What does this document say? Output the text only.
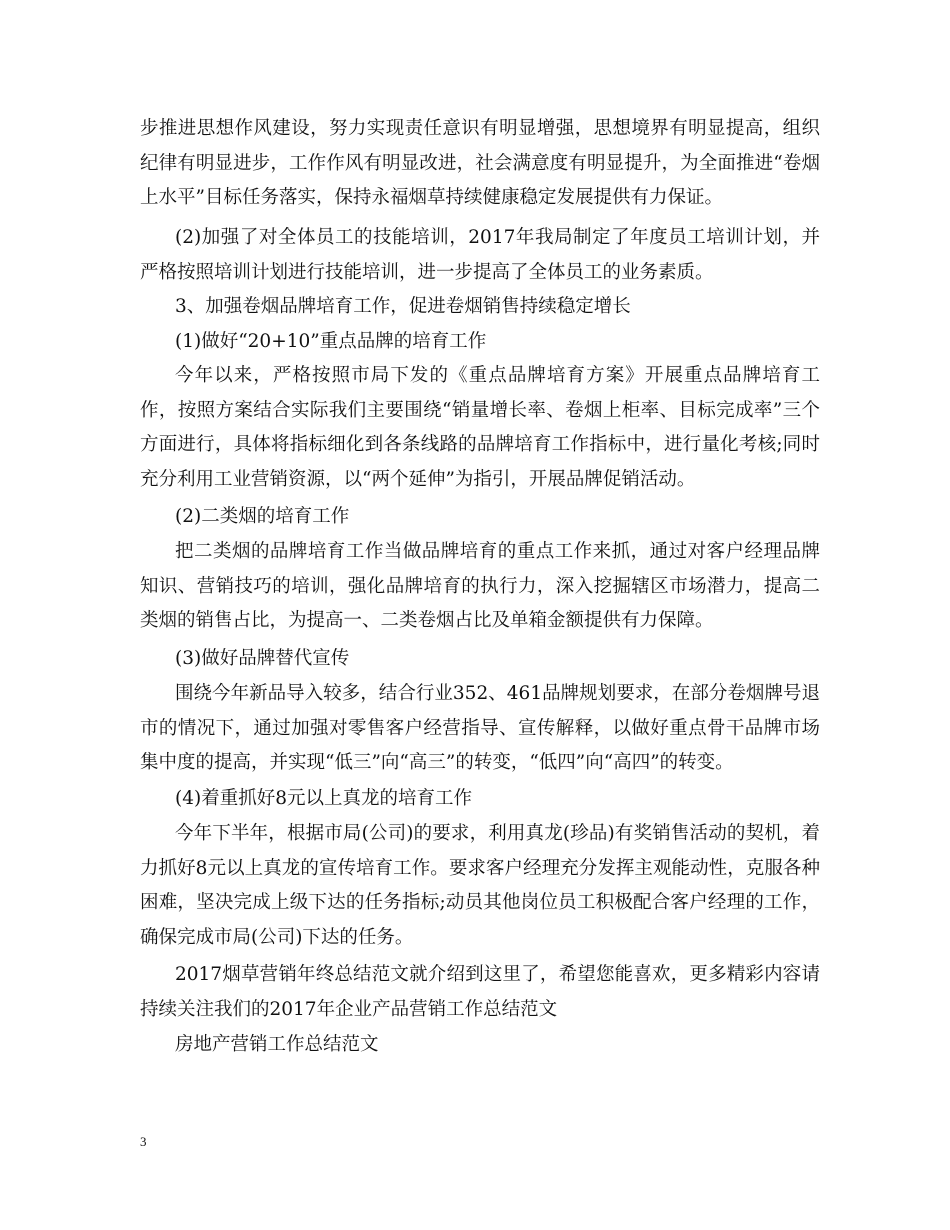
步推进思想作风建设，努力实现责任意识有明显增强，思想境界有明显提高，组织纪律有明显进步，工作作风有明显改进，社会满意度有明显提升，为全面推进“卷烟上水平”目标任务落实，保持永福烟草持续健康稳定发展提供有力保证。

(2)加强了对全体员工的技能培训，2017年我局制定了年度员工培训计划，并严格按照培训计划进行技能培训，进一步提高了全体员工的业务素质。

3、加强卷烟品牌培育工作，促进卷烟销售持续稳定增长

(1)做好“20+10”重点品牌的培育工作

今年以来，严格按照市局下发的《重点品牌培育方案》开展重点品牌培育工作，按照方案结合实际我们主要围绕“销量增长率、卷烟上柜率、目标完成率”三个方面进行，具体将指标细化到各条线路的品牌培育工作指标中，进行量化考核;同时充分利用工业营销资源，以“两个延伸”为指引，开展品牌促销活动。

(2)二类烟的培育工作

把二类烟的品牌培育工作当做品牌培育的重点工作来抓，通过对客户经理品牌知识、营销技巧的培训，强化品牌培育的执行力，深入挖掘辖区市场潜力，提高二类烟的销售占比，为提高一、二类卷烟占比及单箱金额提供有力保障。

(3)做好品牌替代宣传

围绕今年新品导入较多，结合行业352、461品牌规划要求，在部分卷烟牌号退市的情况下，通过加强对零售客户经营指导、宣传解释，以做好重点骨干品牌市场集中度的提高，并实现“低三”向“高三”的转变，“低四”向“高四”的转变。

(4)着重抓好8元以上真龙的培育工作

今年下半年，根据市局(公司)的要求，利用真龙(珍品)有奖销售活动的契机，着力抓好8元以上真龙的宣传培育工作。要求客户经理充分发挥主观能动性，克服各种困难，坚决完成上级下达的任务指标;动员其他岗位员工积极配合客户经理的工作，确保完成市局(公司)下达的任务。

2017烟草营销年终总结范文就介绍到这里了，希望您能喜欢，更多精彩内容请持续关注我们的2017年企业产品营销工作总结范文

房地产营销工作总结范文

3
